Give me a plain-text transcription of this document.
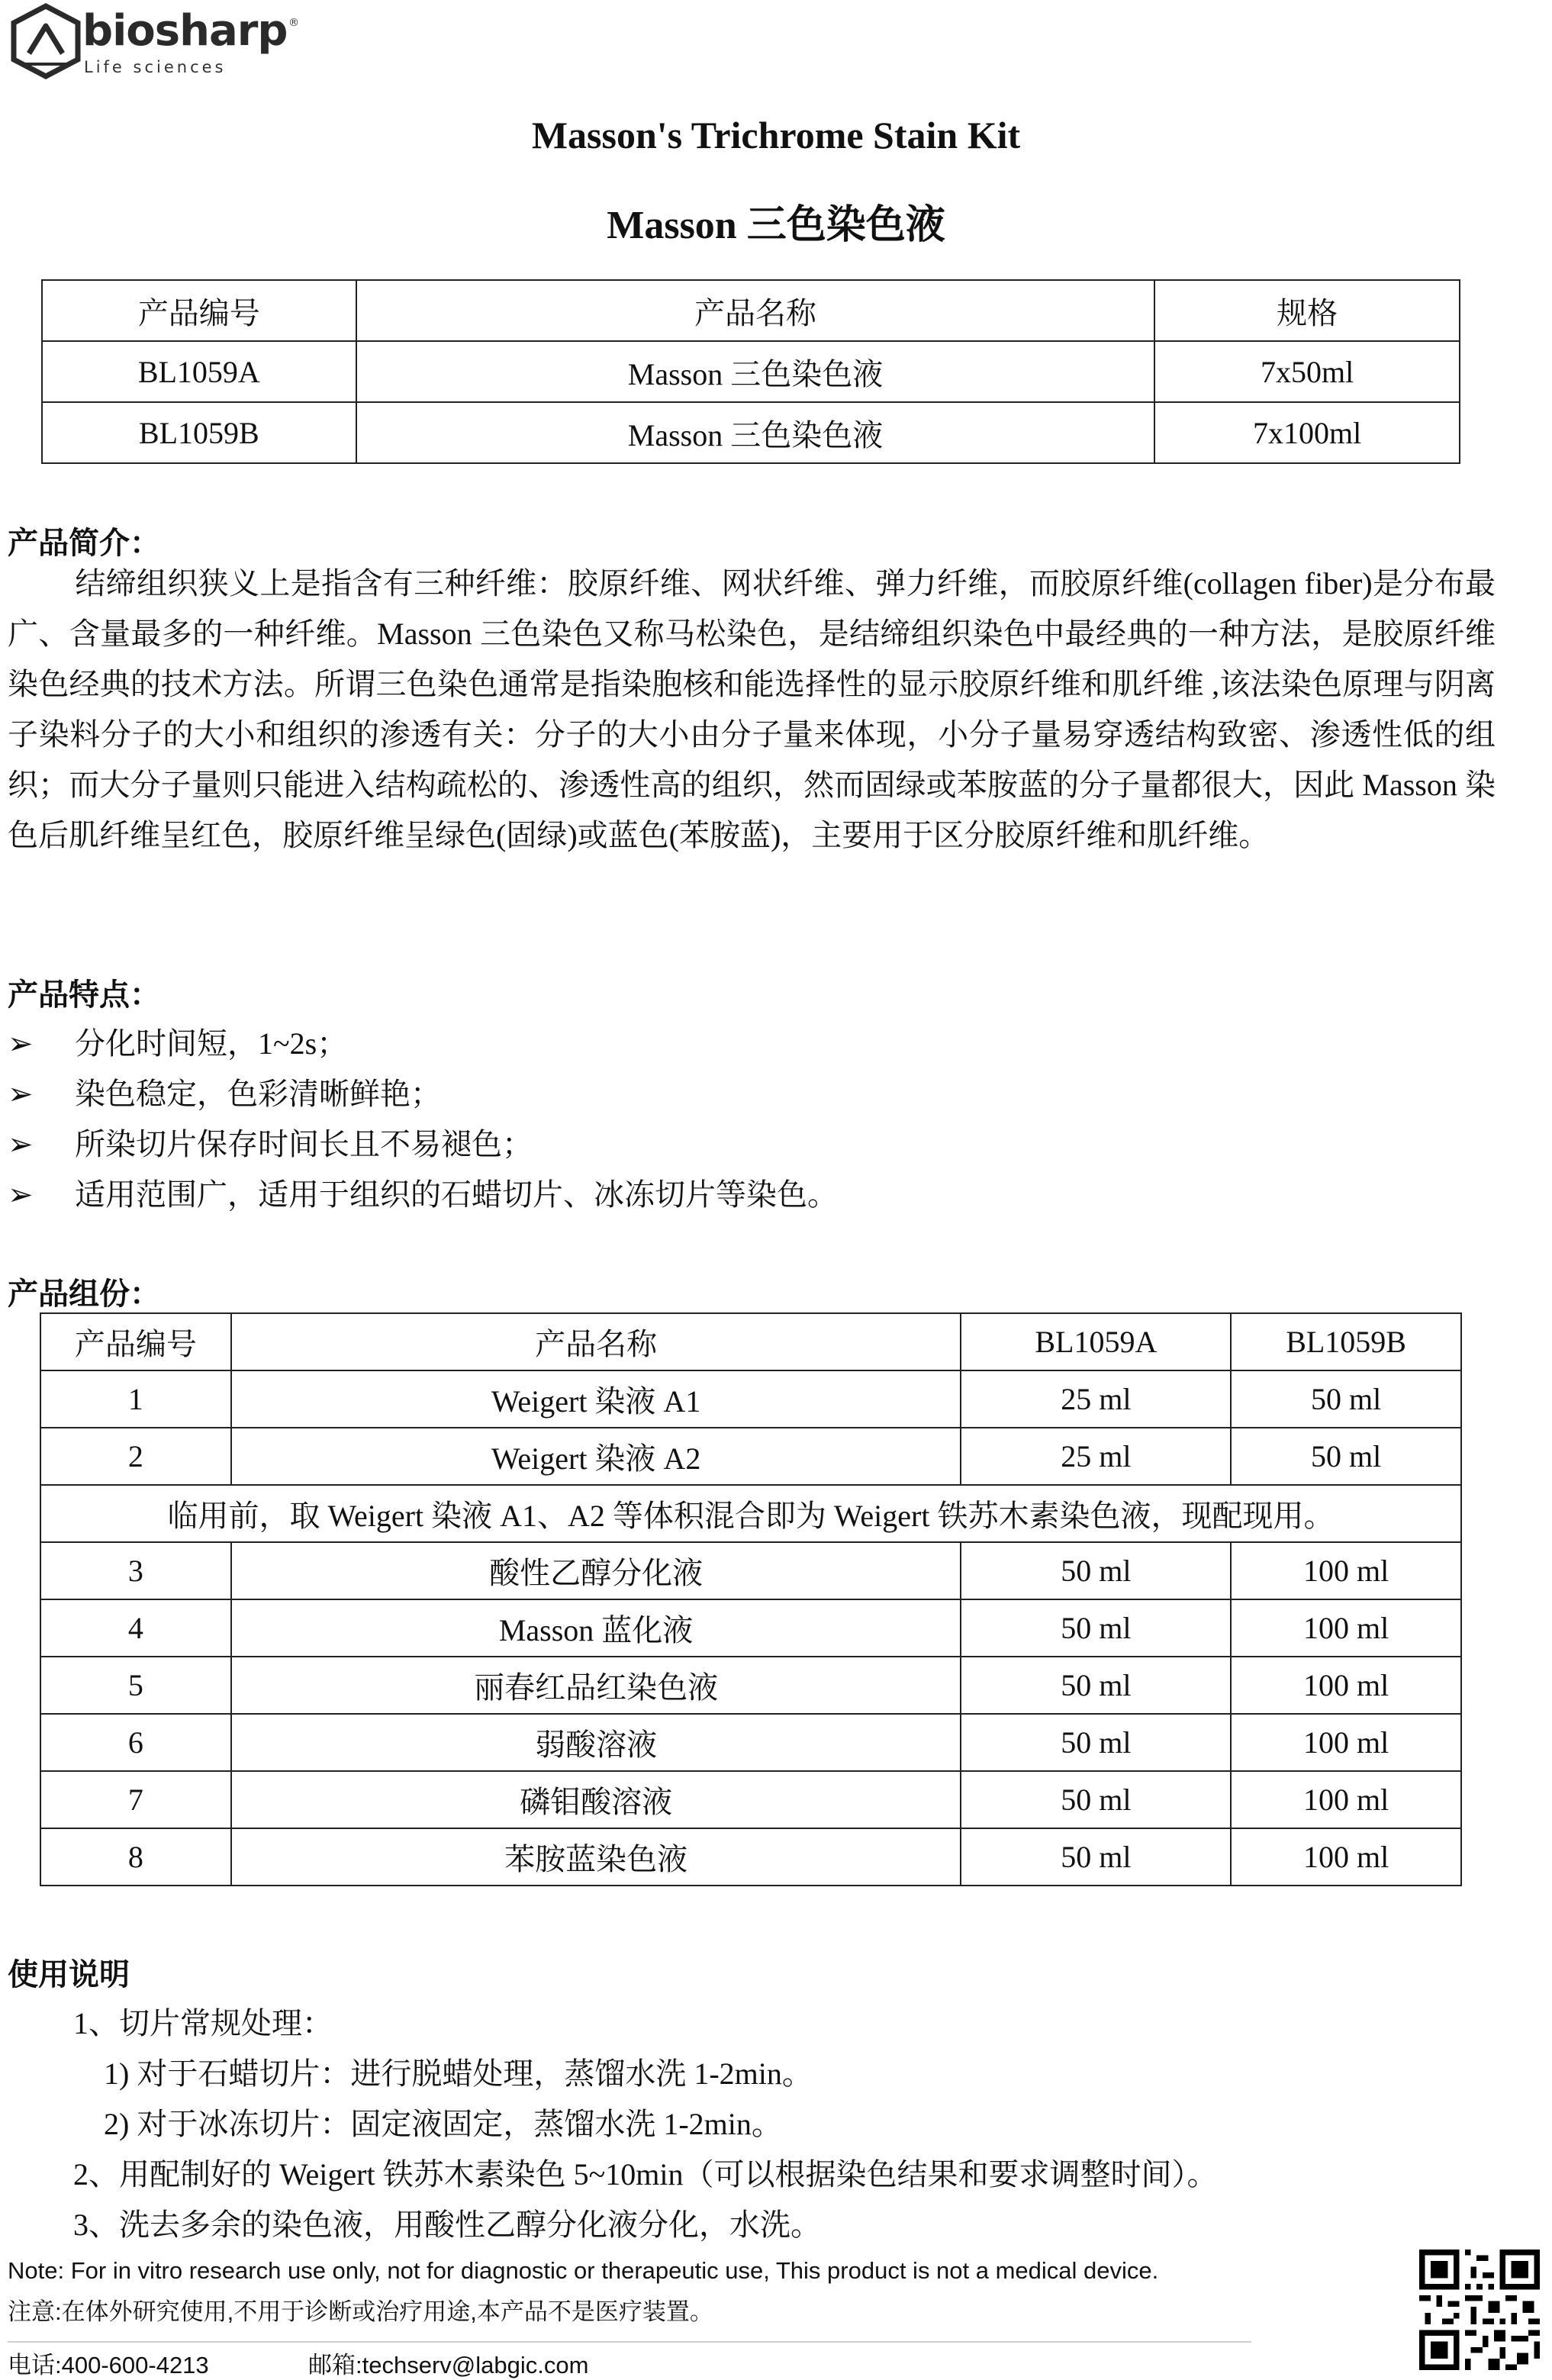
biosharp ®
Life sciences
Masson's Trichrome Stain Kit
Masson 三色染色液
产品编号	产品名称	规格
BL1059A	Masson 三色染色液	7x50ml
BL1059B	Masson 三色染色液	7x100ml
产品简介：
结缔组织狭义上是指含有三种纤维：胶原纤维、网状纤维、弹力纤维，而胶原纤维(collagen fiber)是分布最广、含量最多的一种纤维。Masson 三色染色又称马松染色，是结缔组织染色中最经典的一种方法，是胶原纤维染色经典的技术方法。所谓三色染色通常是指染胞核和能选择性的显示胶原纤维和肌纤维 ,该法染色原理与阴离子染料分子的大小和组织的渗透有关：分子的大小由分子量来体现，小分子量易穿透结构致密、渗透性低的组织；而大分子量则只能进入结构疏松的、渗透性高的组织，然而固绿或苯胺蓝的分子量都很大，因此 Masson 染色后肌纤维呈红色，胶原纤维呈绿色(固绿)或蓝色(苯胺蓝)，主要用于区分胶原纤维和肌纤维。
产品特点：
➢ 分化时间短，1~2s；
➢ 染色稳定，色彩清晰鲜艳；
➢ 所染切片保存时间长且不易褪色；
➢ 适用范围广，适用于组织的石蜡切片、冰冻切片等染色。
产品组份：
产品编号	产品名称	BL1059A	BL1059B
1	Weigert 染液 A1	25 ml	50 ml
2	Weigert 染液 A2	25 ml	50 ml
临用前，取 Weigert 染液 A1、A2 等体积混合即为 Weigert 铁苏木素染色液，现配现用。			
3	酸性乙醇分化液	50 ml	100 ml
4	Masson 蓝化液	50 ml	100 ml
5	丽春红品红染色液	50 ml	100 ml
6	弱酸溶液	50 ml	100 ml
7	磷钼酸溶液	50 ml	100 ml
8	苯胺蓝染色液	50 ml	100 ml
使用说明
1、切片常规处理：
1) 对于石蜡切片：进行脱蜡处理，蒸馏水洗 1-2min。
2) 对于冰冻切片：固定液固定，蒸馏水洗 1-2min。
2、用配制好的 Weigert 铁苏木素染色 5~10min（可以根据染色结果和要求调整时间）。
3、洗去多余的染色液，用酸性乙醇分化液分化，水洗。
Note: For in vitro research use only, not for diagnostic or therapeutic use, This product is not a medical device.
注意:在体外研究使用,不用于诊断或治疗用途,本产品不是医疗装置。
电话:400-600-4213	邮箱:techserv@labgic.com
